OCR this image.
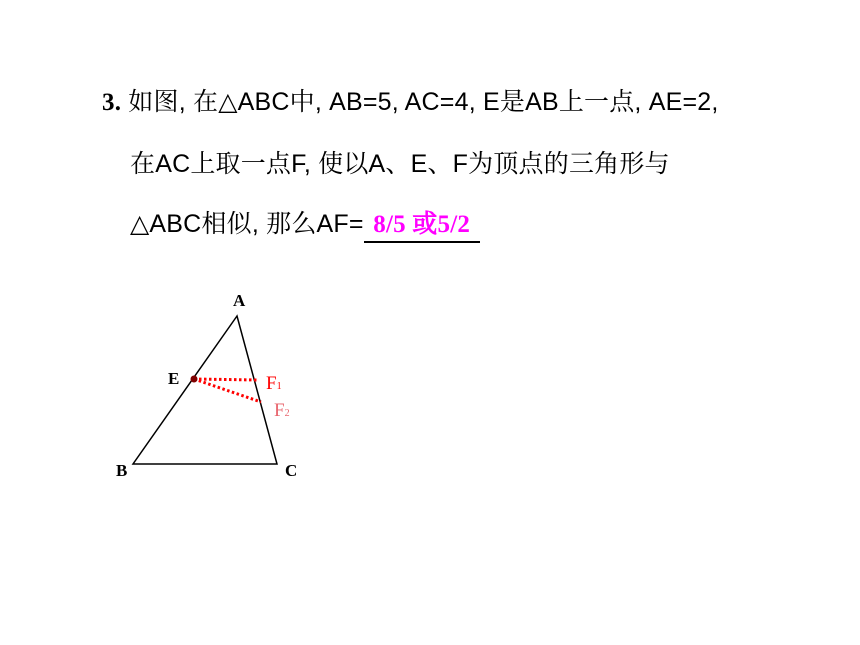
3. 如图, 在△ABC中, AB=5, AC=4, E是AB上一点, AE=2,
在AC上取一点F, 使以A、E、F为顶点的三角形与
△ABC相似, 那么AF= 8/5 或5/2
A
B	C
E	F1
F2
